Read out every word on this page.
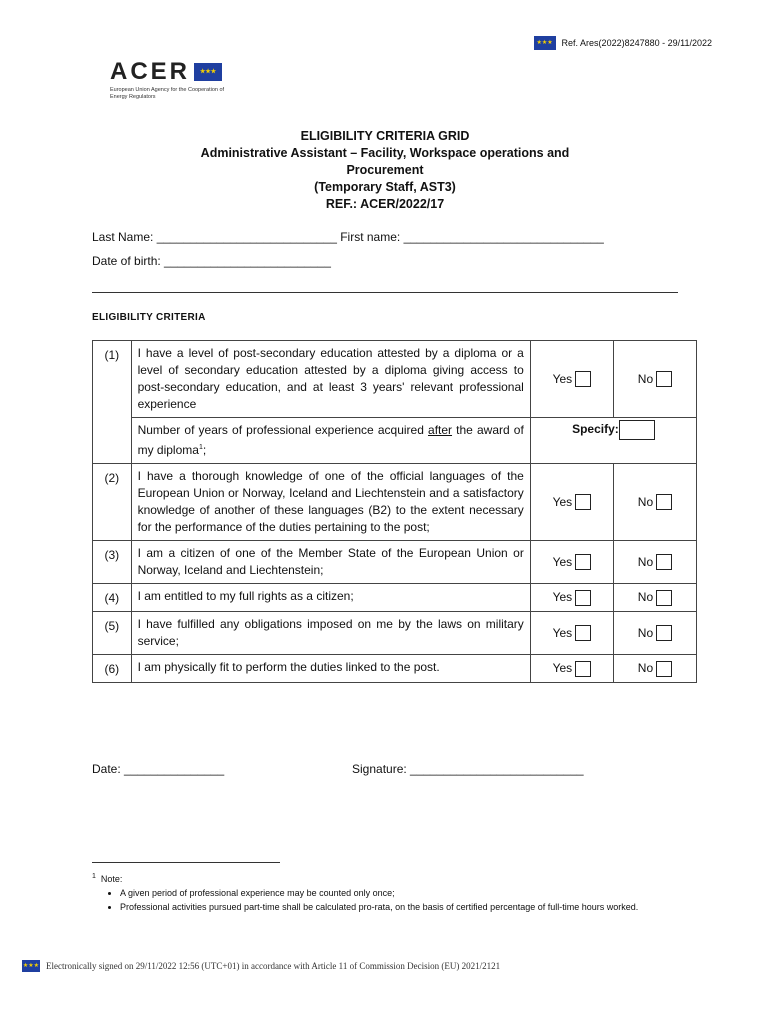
★★★
Ref. Ares(2022)8247880 - 29/11/2022
ACER
★★★
European Union Agency for the Cooperation of Energy Regulators
ELIGIBILITY CRITERIA GRID
Administrative Assistant – Facility, Workspace operations and
Procurement
(Temporary Staff, AST3)
REF.: ACER/2022/17
Last Name: ___________________________ First name: ______________________________
Date of birth: _________________________
ELIGIBILITY CRITERIA
(1)	I have a level of post-secondary education attested by a diploma or a level of secondary education attested by a diploma giving access to post-secondary education, and at least 3 years' relevant professional experience	Yes	No
	Number of years of professional experience acquired after the award of my diploma$^1$;	Specify:	
(2)	I have a thorough knowledge of one of the official languages of the European Union or Norway, Iceland and Liechtenstein and a satisfactory knowledge of another of these languages (B2) to the extent necessary for the performance of the duties pertaining to the post;	Yes	No
(3)	I am a citizen of one of the Member State of the European Union or Norway, Iceland and Liechtenstein;	Yes	No
(4)	I am entitled to my full rights as a citizen;	Yes	No
(5)	I have fulfilled any obligations imposed on me by the laws on military service;	Yes	No
(6)	I am physically fit to perform the duties linked to the post.	Yes	No
Date: _______________	Signature: __________________________
$^1$ Note:
• A given period of professional experience may be counted only once;
• Professional activities pursued part-time shall be calculated pro-rata, on the basis of certified percentage of full-time hours worked.
★★★
Electronically signed on 29/11/2022 12:56 (UTC+01) in accordance with Article 11 of Commission Decision (EU) 2021/2121
